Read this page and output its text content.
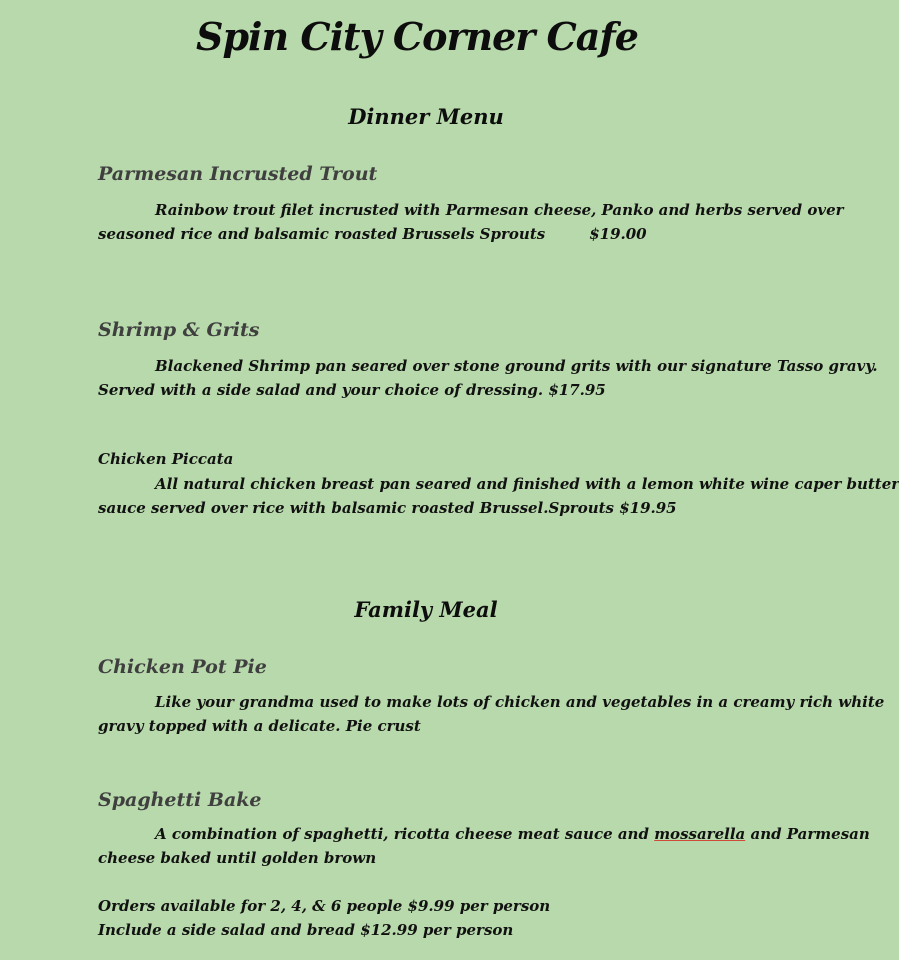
Spin City Corner Cafe
Dinner Menu
Parmesan Incrusted Trout
Rainbow trout filet incrusted with Parmesan cheese, Panko and herbs served over
seasoned rice and balsamic roasted Brussels Sprouts	$19.00
Shrimp & Grits
Blackened Shrimp pan seared over stone ground grits with our signature Tasso gravy.
Served with a side salad and your choice of dressing. $17.95
Chicken Piccata
All natural chicken breast pan seared and finished with a lemon white wine caper butter
sauce served over rice with balsamic roasted Brussel.Sprouts $19.95
Family Meal
Chicken Pot Pie
Like your grandma used to make lots of chicken and vegetables in a creamy rich white
gravy topped with a delicate. Pie crust
Spaghetti Bake
A combination of spaghetti, ricotta cheese meat sauce and mossarella and Parmesan
cheese baked until golden brown
Orders available for 2, 4, & 6 people $9.99 per person
Include a side salad and bread $12.99 per person
